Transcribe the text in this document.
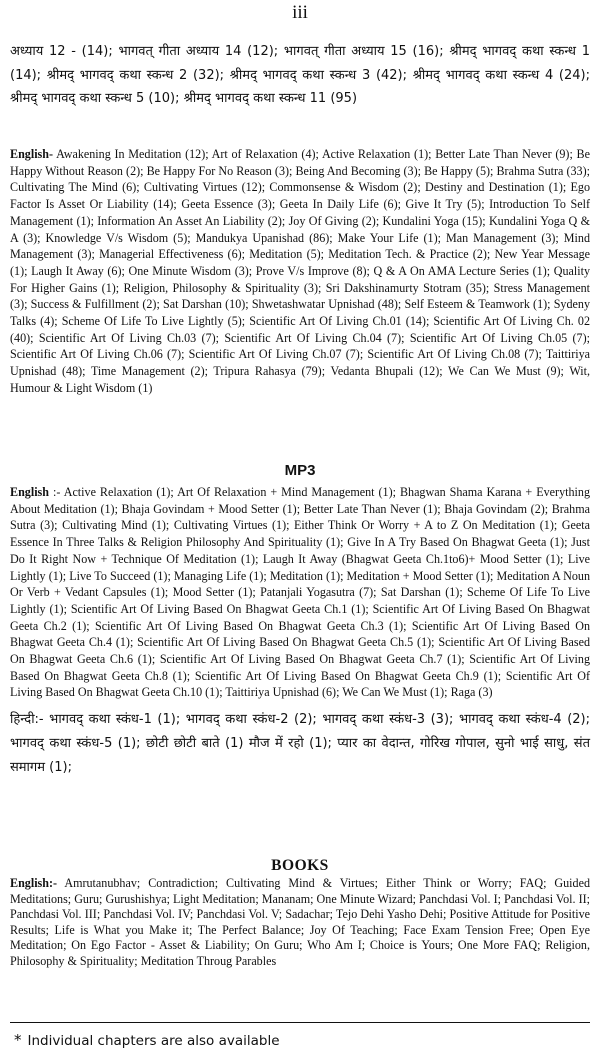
iii

अध्याय 12 - (14); भागवत् गीता अध्याय 14 (12); भागवत् गीता अध्याय 15 (16); श्रीमद् भागवद् कथा स्कन्ध 1 (14); श्रीमद् भागवद् कथा स्कन्ध 2 (32); श्रीमद् भागवद् कथा स्कन्ध 3 (42); श्रीमद् भागवद् कथा स्कन्ध 4 (24); श्रीमद् भागवद् कथा स्कन्ध 5 (10); श्रीमद् भागवद् कथा स्कन्ध 11 (95)

English- Awakening In Meditation (12); Art of Relaxation (4); Active Relaxation (1); Better Late Than Never (9); Be Happy Without Reason (2); Be Happy For No Reason (3); Being And Becoming (3); Be Happy (5); Brahma Sutra (33); Cultivating The Mind (6); Cultivating Virtues (12); Commonsense & Wisdom (2); Destiny and Destination (1); Ego Factor Is Asset Or Liability (14); Geeta Essence (3); Geeta In Daily Life (6); Give It Try (5); Introduction To Self Management (1); Information An Asset An Liability (2); Joy Of Giving (2); Kundalini Yoga (15); Kundalini Yoga Q & A (3); Knowledge V/s Wisdom (5); Mandukya Upanishad (86); Make Your Life (1); Man Management (3); Mind Management (3); Managerial Effectiveness (6); Meditation (5); Meditation Tech. & Practice (2); New Year Message (1); Laugh It Away (6); One Minute Wisdom (3); Prove V/s Improve (8); Q & A On AMA Lecture Series (1); Quality For Higher Gains (1); Religion, Philosophy & Spirituality (3); Sri Dakshinamurty Stotram (35); Stress Management (3); Success & Fulfillment (2); Sat Darshan (10); Shwetashwatar Upnishad (48); Self Esteem & Teamwork (1); Sydeny Talks (4); Scheme Of Life To Live Lightly (5); Scientific Art Of Living Ch.01 (14); Scientific Art Of Living Ch. 02 (40); Scientific Art Of Living Ch.03 (7); Scientific Art Of Living Ch.04 (7); Scientific Art Of Living Ch.05 (7); Scientific Art Of Living Ch.06 (7); Scientific Art Of Living Ch.07 (7); Scientific Art Of Living Ch.08 (7); Taittiriya Upnishad (48); Time Management (2); Tripura Rahasya (79); Vedanta Bhupali (12); We Can We Must (9); Wit, Humour & Light Wisdom (1)

MP3

English :- Active Relaxation (1); Art Of Relaxation + Mind Management (1); Bhagwan Shama Karana + Everything About Meditation (1); Bhaja Govindam + Mood Setter (1); Better Late Than Never (1); Bhaja Govindam (2); Brahma Sutra (3); Cultivating Mind (1); Cultivating Virtues (1); Either Think Or Worry + A to Z On Meditation (1); Geeta Essence In Three Talks & Religion Philosophy And Spirituality (1); Give In A Try Based On Bhagwat Geeta (1); Just Do It Right Now + Technique Of Meditation (1); Laugh It Away (Bhagwat Geeta Ch.1to6)+ Mood Setter (1); Live Lightly (1); Live To Succeed (1); Managing Life (1); Meditation (1); Meditation + Mood Setter (1); Meditation A Noun Or Verb + Vedant Capsules (1); Mood Setter (1); Patanjali Yogasutra (7); Sat Darshan (1); Scheme Of Life To Live Lightly (1); Scientific Art Of Living Based On Bhagwat Geeta Ch.1 (1); Scientific Art Of Living Based On Bhagwat Geeta Ch.2 (1); Scientific Art Of Living Based On Bhagwat Geeta Ch.3 (1); Scientific Art Of Living Based On Bhagwat Geeta Ch.4 (1); Scientific Art Of Living Based On Bhagwat Geeta Ch.5 (1); Scientific Art Of Living Based On Bhagwat Geeta Ch.6 (1); Scientific Art Of Living Based On Bhagwat Geeta Ch.7 (1); Scientific Art Of Living Based On Bhagwat Geeta Ch.8 (1); Scientific Art Of Living Based On Bhagwat Geeta Ch.9 (1); Scientific Art Of Living Based On Bhagwat Geeta Ch.10 (1); Taittiriya Upnishad (6); We Can We Must (1); Raga (3)

हिन्दी:- भागवद् कथा स्कंध-1 (1); भागवद् कथा स्कंध-2 (2); भागवद् कथा स्कंध-3 (3); भागवद् कथा स्कंध-4 (2); भागवद् कथा स्कंध-5 (1); छोटी छोटी बाते (1) मौज में रहो (1); प्यार का वेदान्त, गोरिख गोपाल, सुनो भाई साधु, संत समागम (1);

BOOKS

English:- Amrutanubhav; Contradiction; Cultivating Mind & Virtues; Either Think or Worry; FAQ; Guided Meditations; Guru; Gurushishya; Light Meditation; Mananam; One Minute Wizard; Panchdasi Vol. I; Panchdasi Vol. II; Panchdasi Vol. III; Panchdasi Vol. IV; Panchdasi Vol. V; Sadachar; Tejo Dehi Yasho Dehi; Positive Attitude for Positive Results; Life is What you Make it; The Perfect Balance; Joy Of Teaching; Face Exam Tension Free; Open Eye Meditation; On Ego Factor - Asset & Liability; On Guru; Who Am I; Choice is Yours; One More FAQ; Religion, Philosophy & Spirituality; Meditation Throug Parables

* Individual chapters are also available
